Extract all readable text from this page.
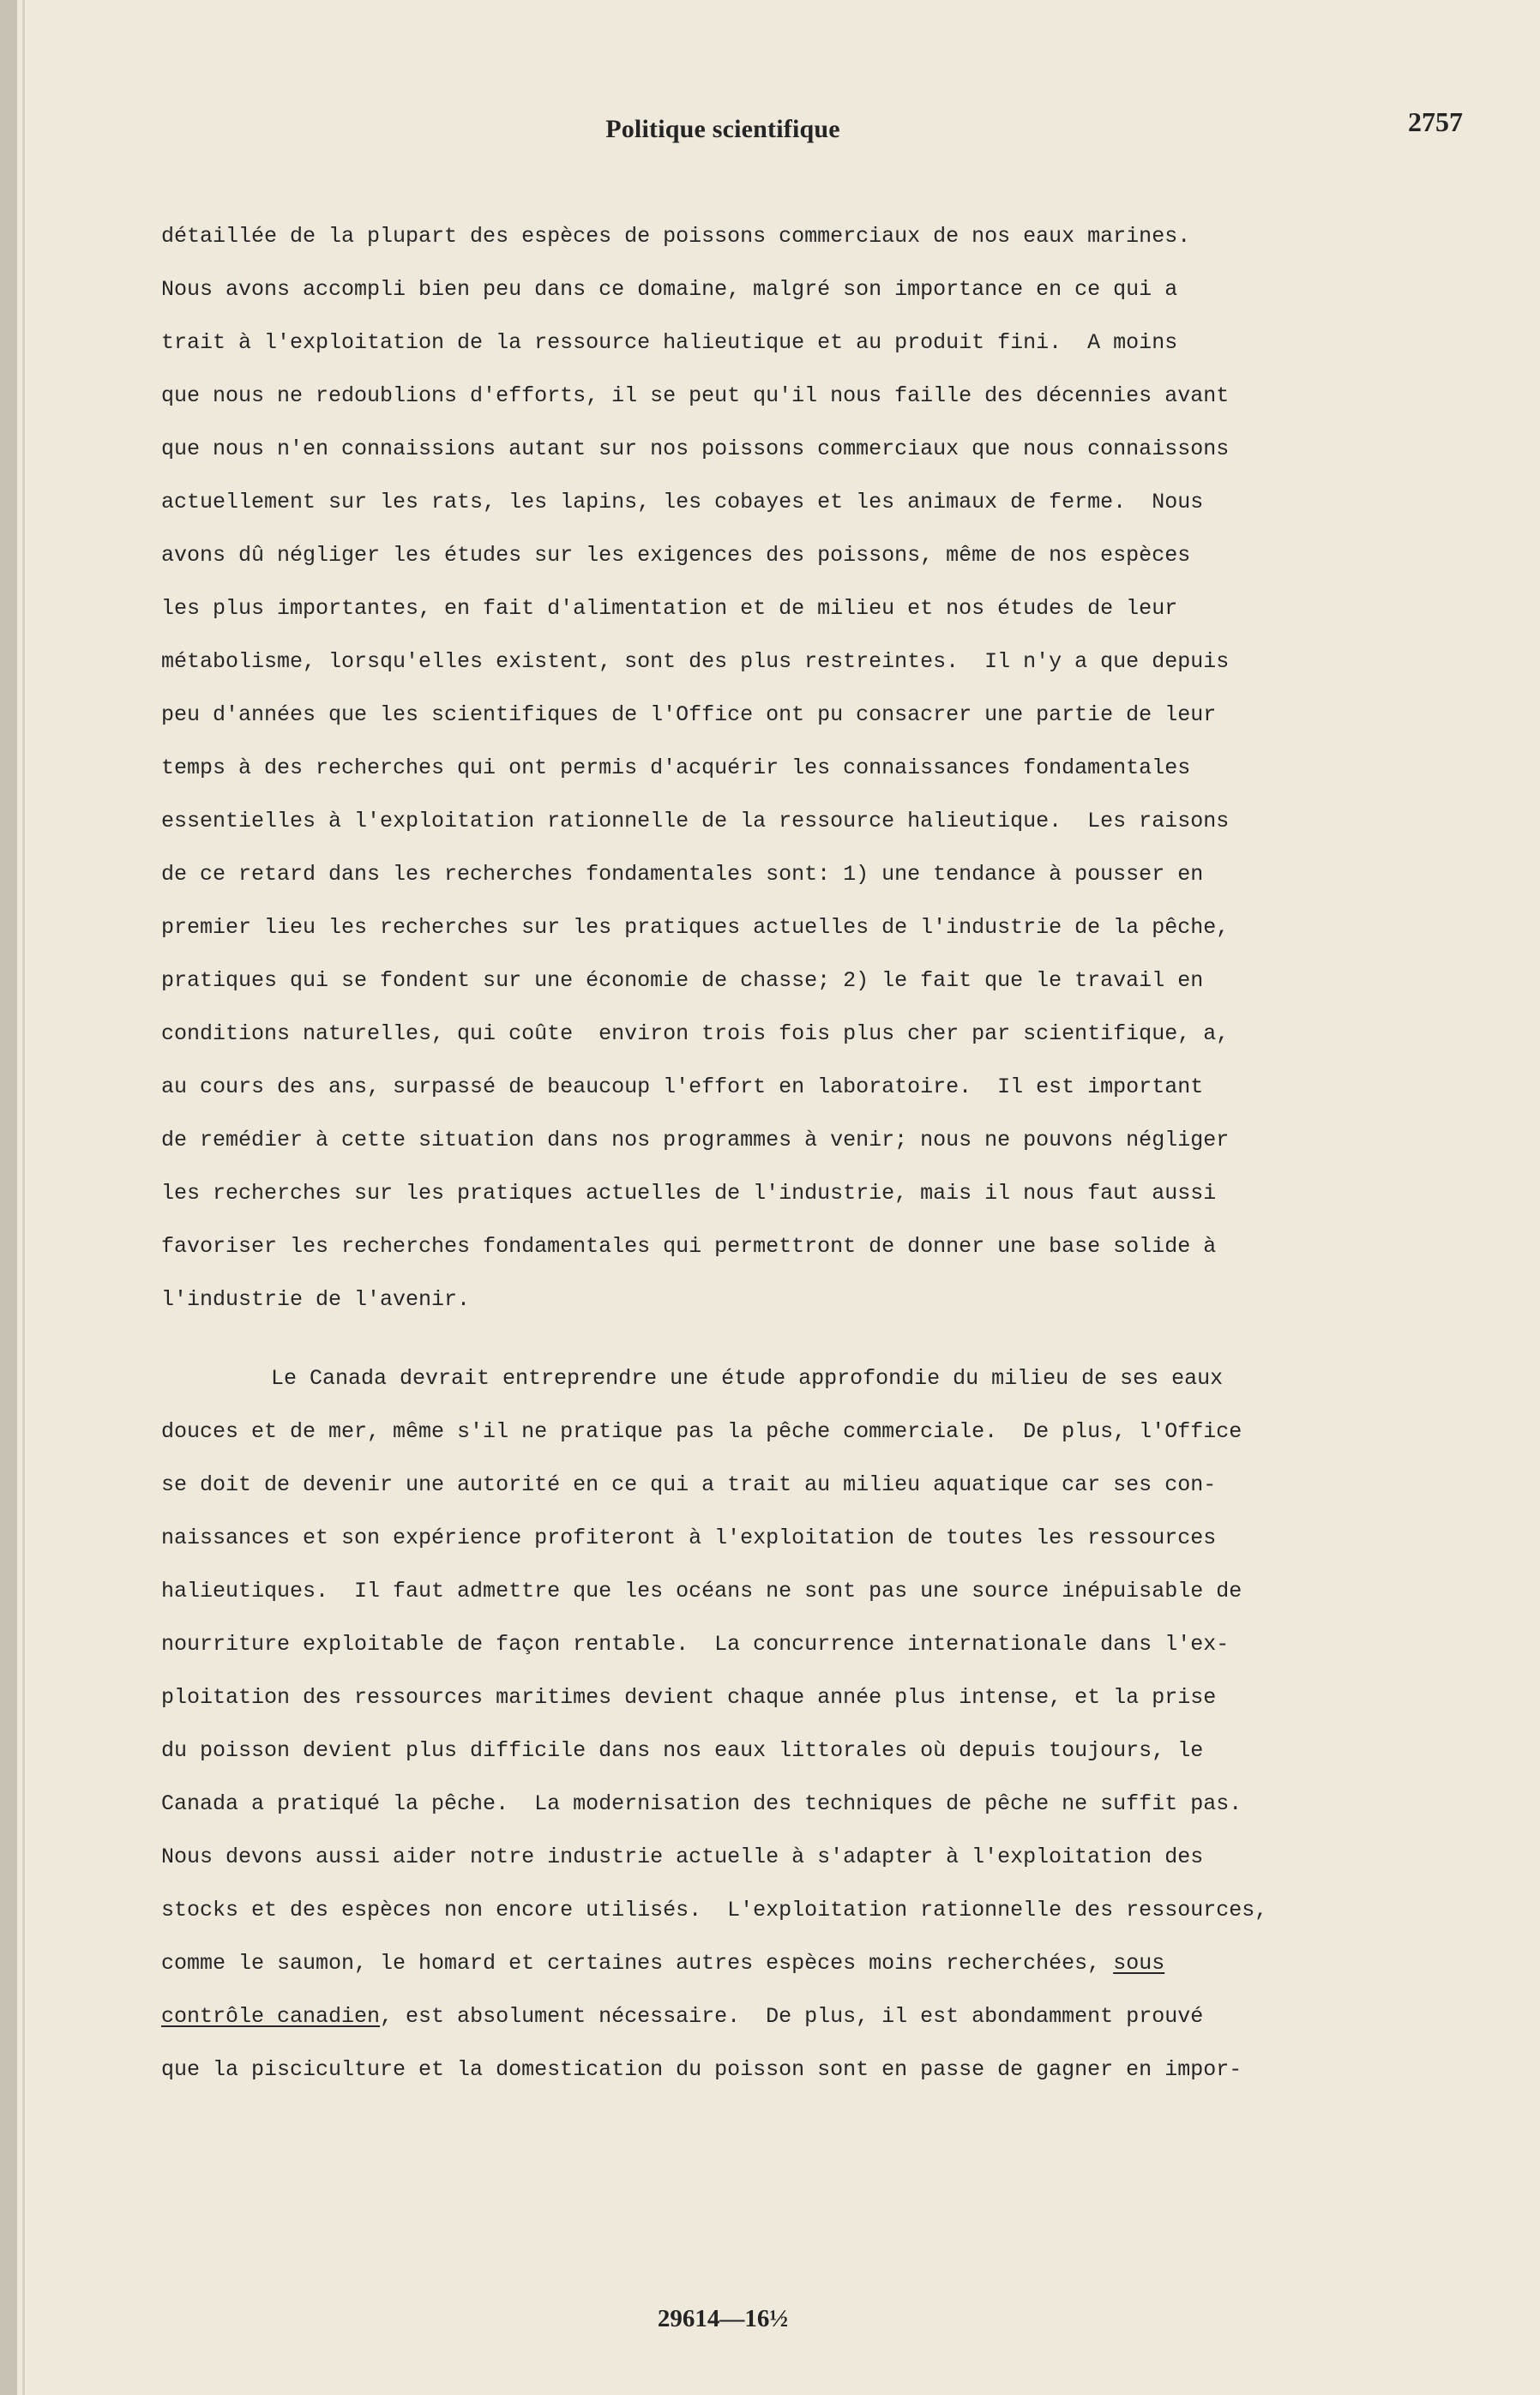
Politique scientifique	2757
détaillée de la plupart des espèces de poissons commerciaux de nos eaux marines.
Nous avons accompli bien peu dans ce domaine, malgré son importance en ce qui a
trait à l'exploitation de la ressource halieutique et au produit fini.  A moins
que nous ne redoublions d'efforts, il se peut qu'il nous faille des décennies avant
que nous n'en connaissions autant sur nos poissons commerciaux que nous connaissons
actuellement sur les rats, les lapins, les cobayes et les animaux de ferme.  Nous
avons dû négliger les études sur les exigences des poissons, même de nos espèces
les plus importantes, en fait d'alimentation et de milieu et nos études de leur
métabolisme, lorsqu'elles existent, sont des plus restreintes.  Il n'y a que depuis
peu d'années que les scientifiques de l'Office ont pu consacrer une partie de leur
temps à des recherches qui ont permis d'acquérir les connaissances fondamentales
essentielles à l'exploitation rationnelle de la ressource halieutique.  Les raisons
de ce retard dans les recherches fondamentales sont: 1) une tendance à pousser en
premier lieu les recherches sur les pratiques actuelles de l'industrie de la pêche,
pratiques qui se fondent sur une économie de chasse; 2) le fait que le travail en
conditions naturelles, qui coûte  environ trois fois plus cher par scientifique, a,
au cours des ans, surpassé de beaucoup l'effort en laboratoire.  Il est important
de remédier à cette situation dans nos programmes à venir; nous ne pouvons négliger
les recherches sur les pratiques actuelles de l'industrie, mais il nous faut aussi
favoriser les recherches fondamentales qui permettront de donner une base solide à
l'industrie de l'avenir.
Le Canada devrait entreprendre une étude approfondie du milieu de ses eaux
douces et de mer, même s'il ne pratique pas la pêche commerciale.  De plus, l'Office
se doit de devenir une autorité en ce qui a trait au milieu aquatique car ses con-
naissances et son expérience profiteront à l'exploitation de toutes les ressources
halieutiques.  Il faut admettre que les océans ne sont pas une source inépuisable de
nourriture exploitable de façon rentable.  La concurrence internationale dans l'ex-
ploitation des ressources maritimes devient chaque année plus intense, et la prise
du poisson devient plus difficile dans nos eaux littorales où depuis toujours, le
Canada a pratiqué la pêche.  La modernisation des techniques de pêche ne suffit pas.
Nous devons aussi aider notre industrie actuelle à s'adapter à l'exploitation des
stocks et des espèces non encore utilisés.  L'exploitation rationnelle des ressources,
comme le saumon, le homard et certaines autres espèces moins recherchées, sous
contrôle canadien, est absolument nécessaire.  De plus, il est abondamment prouvé
que la pisciculture et la domestication du poisson sont en passe de gagner en impor-
29614—16½
